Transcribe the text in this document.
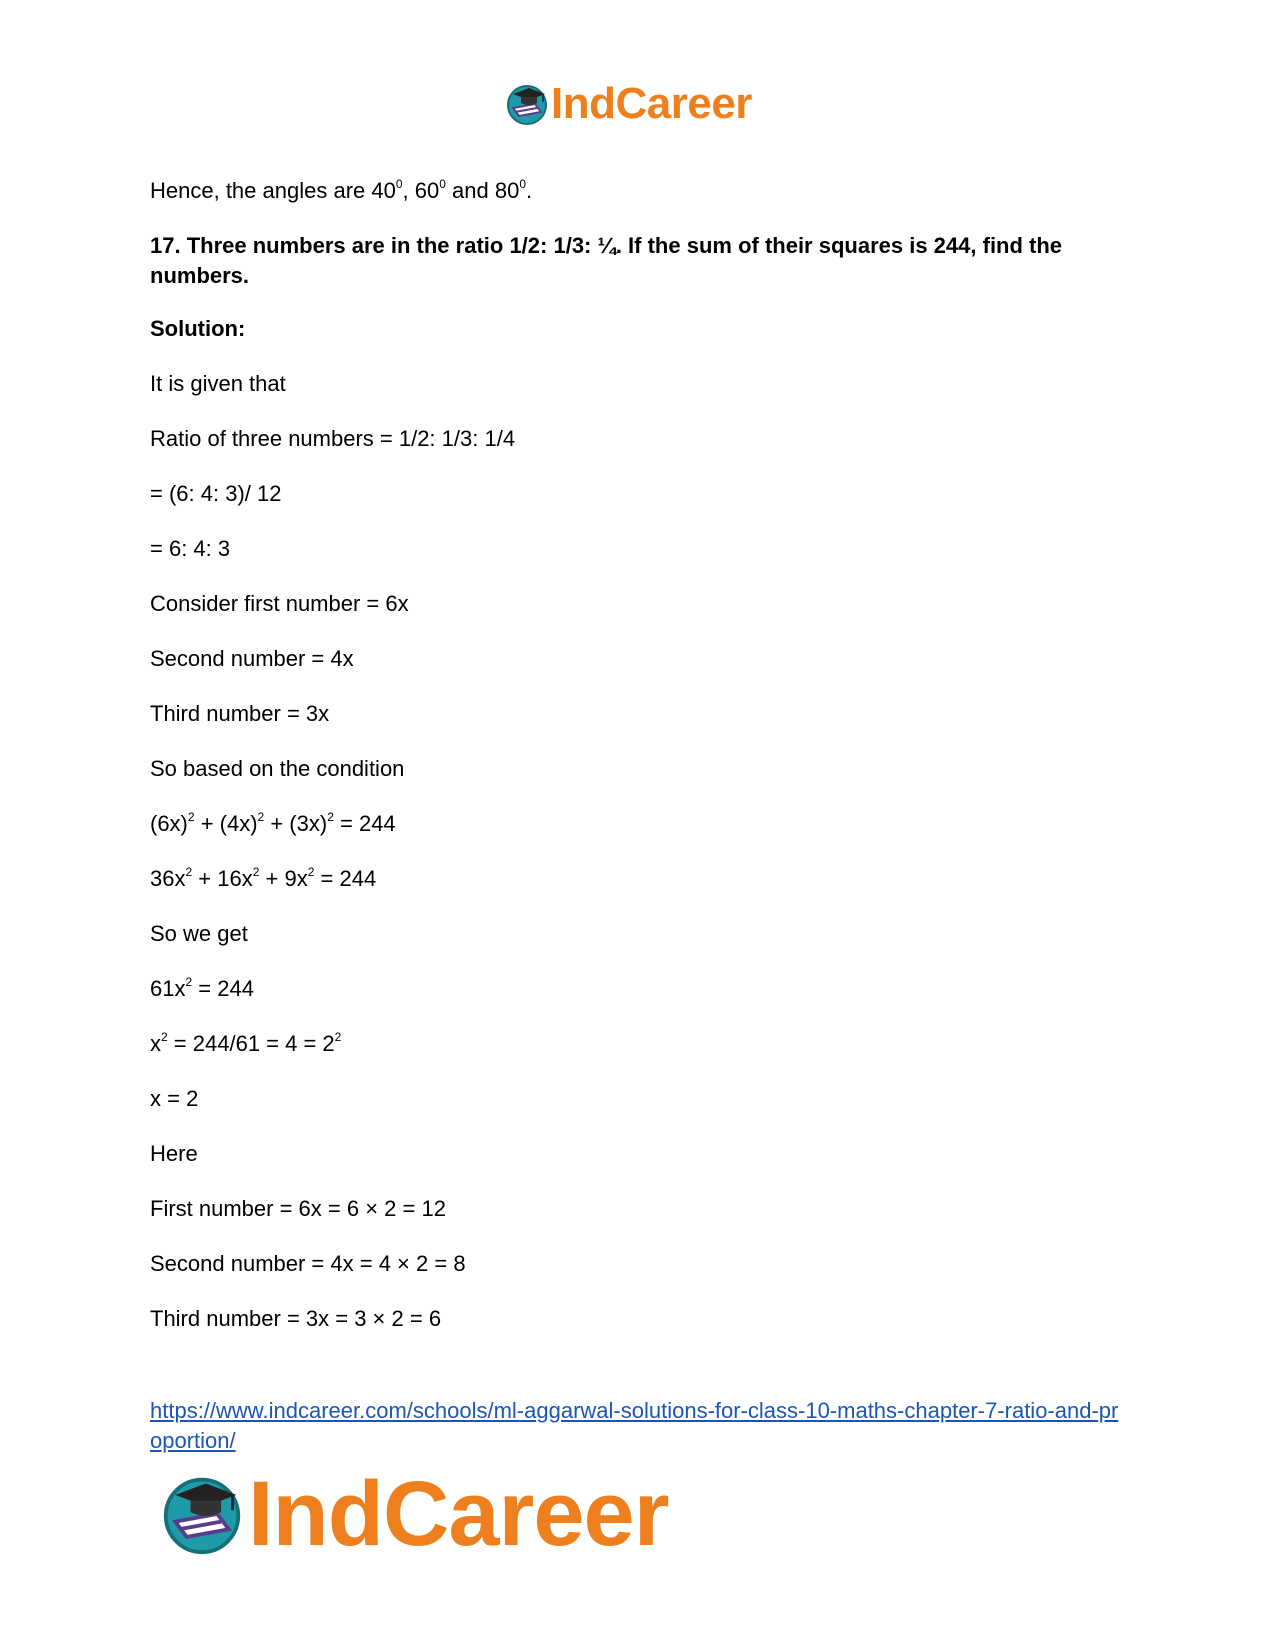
IndCareer

Hence, the angles are $40^0$, $60^0$ and $80^0$.

17. Three numbers are in the ratio 1/2: 1/3: ¼. If the sum of their squares is 244, find the numbers.

Solution:

It is given that

Ratio of three numbers = 1/2: 1/3: 1/4

= (6: 4: 3)/ 12

= 6: 4: 3

Consider first number = 6x

Second number = 4x

Third number = 3x

So based on the condition

$(6x)^2 + (4x)^2 + (3x)^2 = 244$

$36x^2 + 16x^2 + 9x^2 = 244$

So we get

$61x^2 = 244$

$x^2 = 244/61 = 4 = 2^2$

x = 2

Here

First number = 6x = 6 × 2 = 12

Second number = 4x = 4 × 2 = 8

Third number = 3x = 3 × 2 = 6

https://www.indcareer.com/schools/ml-aggarwal-solutions-for-class-10-maths-chapter-7-ratio-and-proportion/
IndCareer
